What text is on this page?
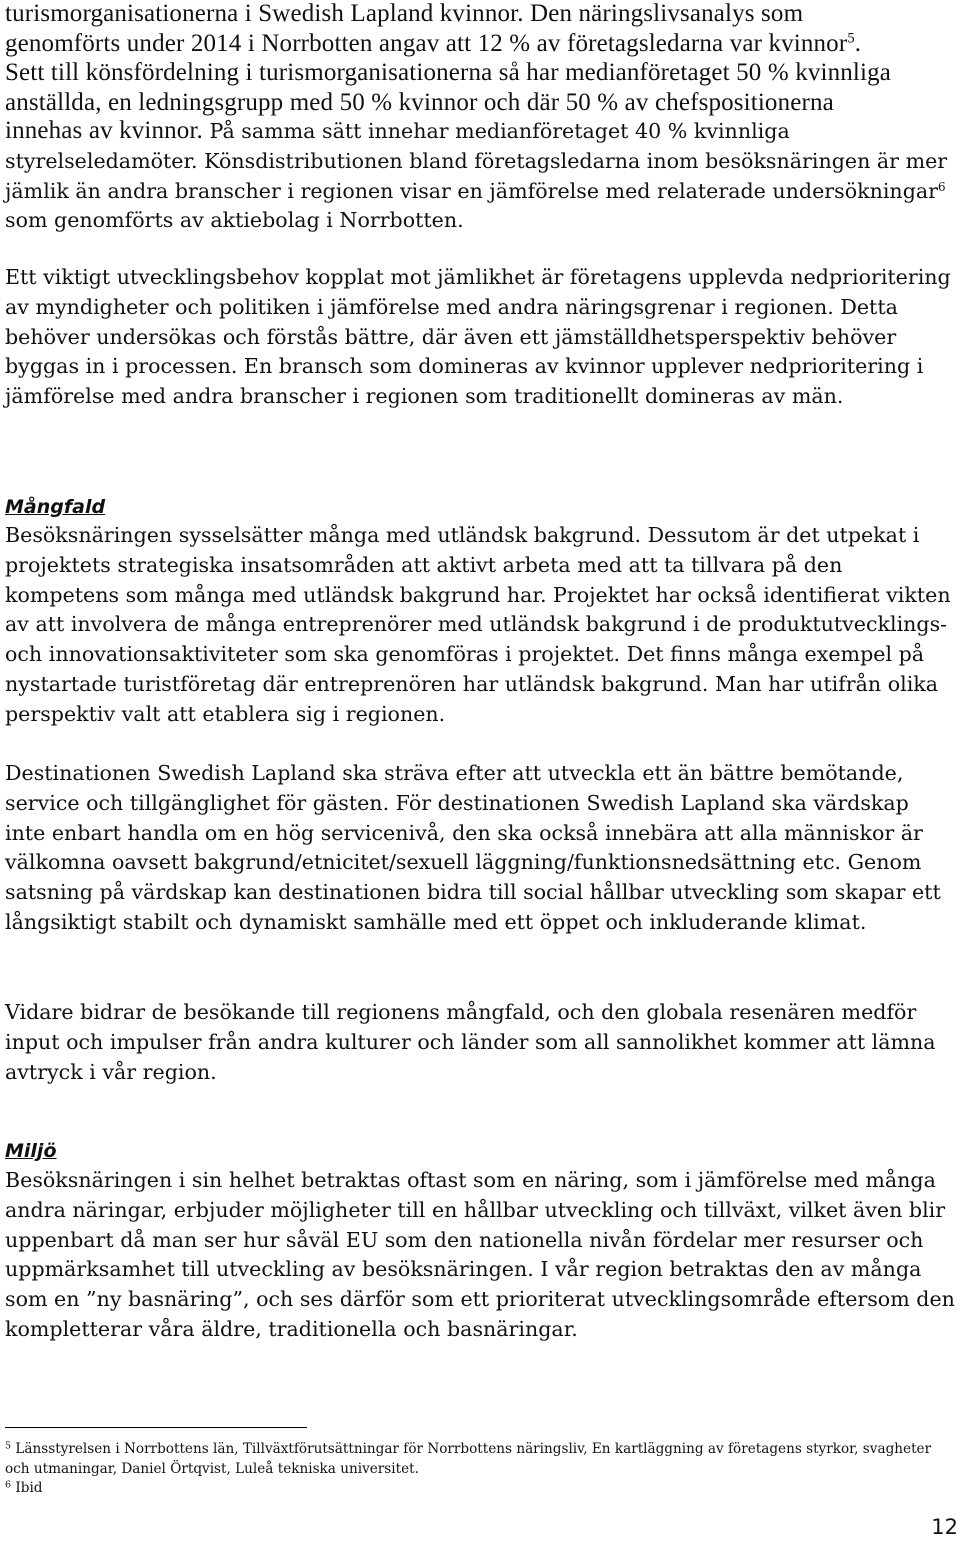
turismorganisationerna i Swedish Lapland kvinnor. Den näringslivsanalys som
genomförts under 2014 i Norrbotten angav att 12 % av företagsledarna var kvinnor$^5$.
Sett till könsfördelning i turismorganisationerna så har medianföretaget 50 % kvinnliga
anställda, en ledningsgrupp med 50 % kvinnor och där 50 % av chefspositionerna
innehas av kvinnor. På samma sätt innehar medianföretaget 40 % kvinnliga styrelseledamöter. Könsdistributionen bland företagsledarna inom besöksnäringen är mer jämlik än andra branscher i regionen visar en jämförelse med relaterade undersökningar$^6$ som genomförts av aktiebolag i Norrbotten.

Ett viktigt utvecklingsbehov kopplat mot jämlikhet är företagens upplevda nedprioritering av myndigheter och politiken i jämförelse med andra näringsgrenar i regionen. Detta behöver undersökas och förstås bättre, där även ett jämställdhetsperspektiv behöver byggas in i processen. En bransch som domineras av kvinnor upplever nedprioritering i jämförelse med andra branscher i regionen som traditionellt domineras av män.

Mångfald

Besöksnäringen sysselsätter många med utländsk bakgrund. Dessutom är det utpekat i projektets strategiska insatsområden att aktivt arbeta med att ta tillvara på den kompetens som många med utländsk bakgrund har. Projektet har också identifierat vikten av att involvera de många entreprenörer med utländsk bakgrund i de produktutvecklings- och innovationsaktiviteter som ska genomföras i projektet. Det finns många exempel på nystartade turistföretag där entreprenören har utländsk bakgrund. Man har utifrån olika perspektiv valt att etablera sig i regionen.

Destinationen Swedish Lapland ska sträva efter att utveckla ett än bättre bemötande, service och tillgänglighet för gästen. För destinationen Swedish Lapland ska värdskap inte enbart handla om en hög servicenivå, den ska också innebära att alla människor är välkomna oavsett bakgrund/etnicitet/sexuell läggning/funktionsnedsättning etc. Genom satsning på värdskap kan destinationen bidra till social hållbar utveckling som skapar ett långsiktigt stabilt och dynamiskt samhälle med ett öppet och inkluderande klimat.

Vidare bidrar de besökande till regionens mångfald, och den globala resenären medför input och impulser från andra kulturer och länder som all sannolikhet kommer att lämna avtryck i vår region.

Miljö

Besöksnäringen i sin helhet betraktas oftast som en näring, som i jämförelse med många andra näringar, erbjuder möjligheter till en hållbar utveckling och tillväxt, vilket även blir uppenbart då man ser hur såväl EU som den nationella nivån fördelar mer resurser och uppmärksamhet till utveckling av besöksnäringen. I vår region betraktas den av många som en ”ny basnäring”, och ses därför som ett prioriterat utvecklingsområde eftersom den kompletterar våra äldre, traditionella och basnäringar.

$^5$ Länsstyrelsen i Norrbottens län, Tillväxtförutsättningar för Norrbottens näringsliv, En kartläggning av företagens styrkor, svagheter och utmaningar, Daniel Örtqvist, Luleå tekniska universitet.
$^6$ Ibid
12
